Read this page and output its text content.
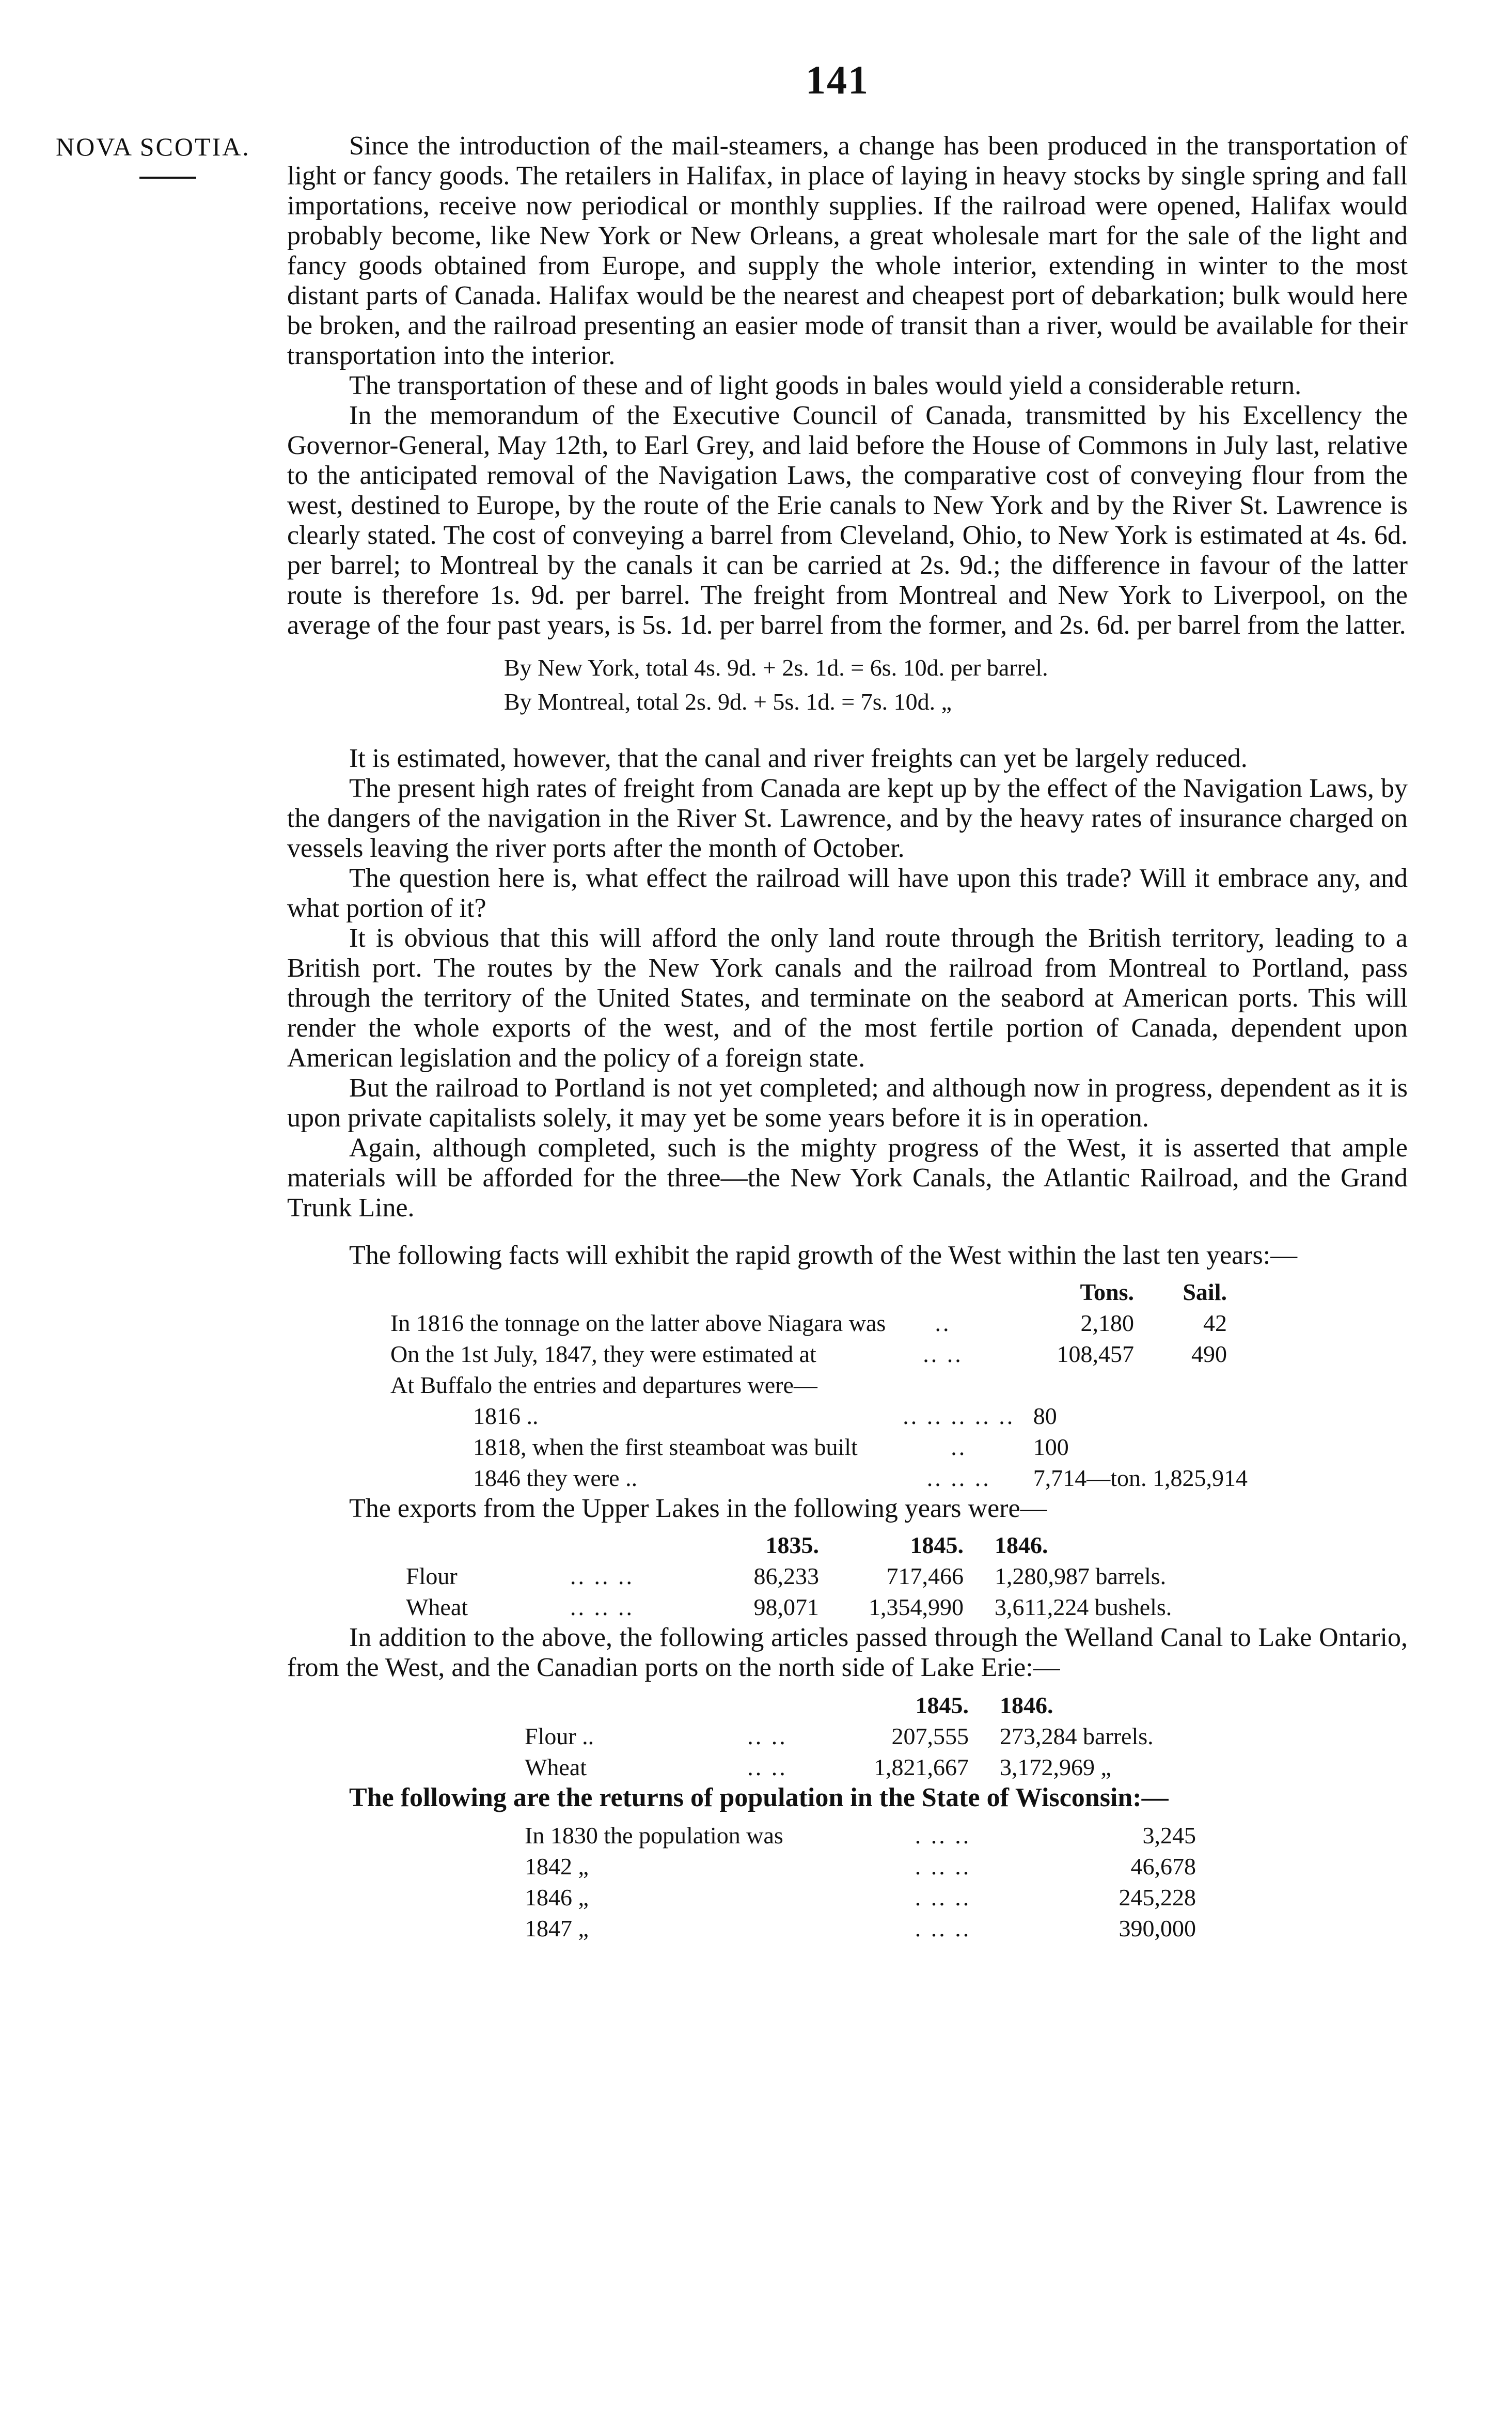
141
NOVA SCOTIA.	Since the introduction of the mail-steamers, a change has been produced in the transportation of light or fancy goods. The retailers in Halifax, in place of laying in heavy stocks by single spring and fall importations, receive now periodical or monthly supplies. If the railroad were opened, Halifax would probably become, like New York or New Orleans, a great wholesale mart for the sale of the light and fancy goods obtained from Europe, and supply the whole interior, extending in winter to the most distant parts of Canada. Halifax would be the nearest and cheapest port of debarkation; bulk would here be broken, and the railroad presenting an easier mode of transit than a river, would be available for their transportation into the interior.

The transportation of these and of light goods in bales would yield a considerable return.

In the memorandum of the Executive Council of Canada, transmitted by his Excellency the Governor-General, May 12th, to Earl Grey, and laid before the House of Commons in July last, relative to the anticipated removal of the Navigation Laws, the comparative cost of conveying flour from the west, destined to Europe, by the route of the Erie canals to New York and by the River St. Lawrence is clearly stated. The cost of conveying a barrel from Cleveland, Ohio, to New York is estimated at 4s. 6d. per barrel; to Montreal by the canals it can be carried at 2s. 9d.; the difference in favour of the latter route is therefore 1s. 9d. per barrel. The freight from Montreal and New York to Liverpool, on the average of the four past years, is 5s. 1d. per barrel from the former, and 2s. 6d. per barrel from the latter.

By New York, total 4s. 9d. + 2s. 1d. = 6s. 10d. per barrel.
By Montreal, total 2s. 9d. + 5s. 1d. = 7s. 10d. „

It is estimated, however, that the canal and river freights can yet be largely reduced.

The present high rates of freight from Canada are kept up by the effect of the Navigation Laws, by the dangers of the navigation in the River St. Lawrence, and by the heavy rates of insurance charged on vessels leaving the river ports after the month of October.

The question here is, what effect the railroad will have upon this trade? Will it embrace any, and what portion of it?

It is obvious that this will afford the only land route through the British territory, leading to a British port. The routes by the New York canals and the railroad from Montreal to Portland, pass through the territory of the United States, and terminate on the seabord at American ports. This will render the whole exports of the west, and of the most fertile portion of Canada, dependent upon American legislation and the policy of a foreign state.

But the railroad to Portland is not yet completed; and although now in progress, dependent as it is upon private capitalists solely, it may yet be some years before it is in operation.

Again, although completed, such is the mighty progress of the West, it is asserted that ample materials will be afforded for the three—the New York Canals, the Atlantic Railroad, and the Grand Trunk Line.

The following facts will exhibit the rapid growth of the West within the last ten years:—

		Tons.	Sail.	
In 1816 the tonnage on the latter above Niagara was	..	2,180	42	
On the 1st July, 1847, they were estimated at	.. ..	108,457	490	
At Buffalo the entries and departures were—				
1816 ..	.. .. .. .. ..	80
1818, when the first steamboat was built	..	100
1846 they were ..	.. .. ..	7,714—ton. 1,825,914

The exports from the Upper Lakes in the following years were—

		1835.	1845.	1846.
Flour	.. .. ..	86,233	717,466	1,280,987 barrels.
Wheat	.. .. ..	98,071	1,354,990	3,611,224 bushels.

In addition to the above, the following articles passed through the Welland Canal to Lake Ontario, from the West, and the Canadian ports on the north side of Lake Erie:—

		1845.	1846.
Flour ..	.. ..	207,555	273,284 barrels.
Wheat	.. ..	1,821,667	3,172,969 „

The following are the returns of population in the State of Wisconsin:—

In 1830 the population was	. .. ..	3,245
1842 „	. .. ..	46,678
1846 „	. .. ..	245,228
1847 „	. .. ..	390,000
